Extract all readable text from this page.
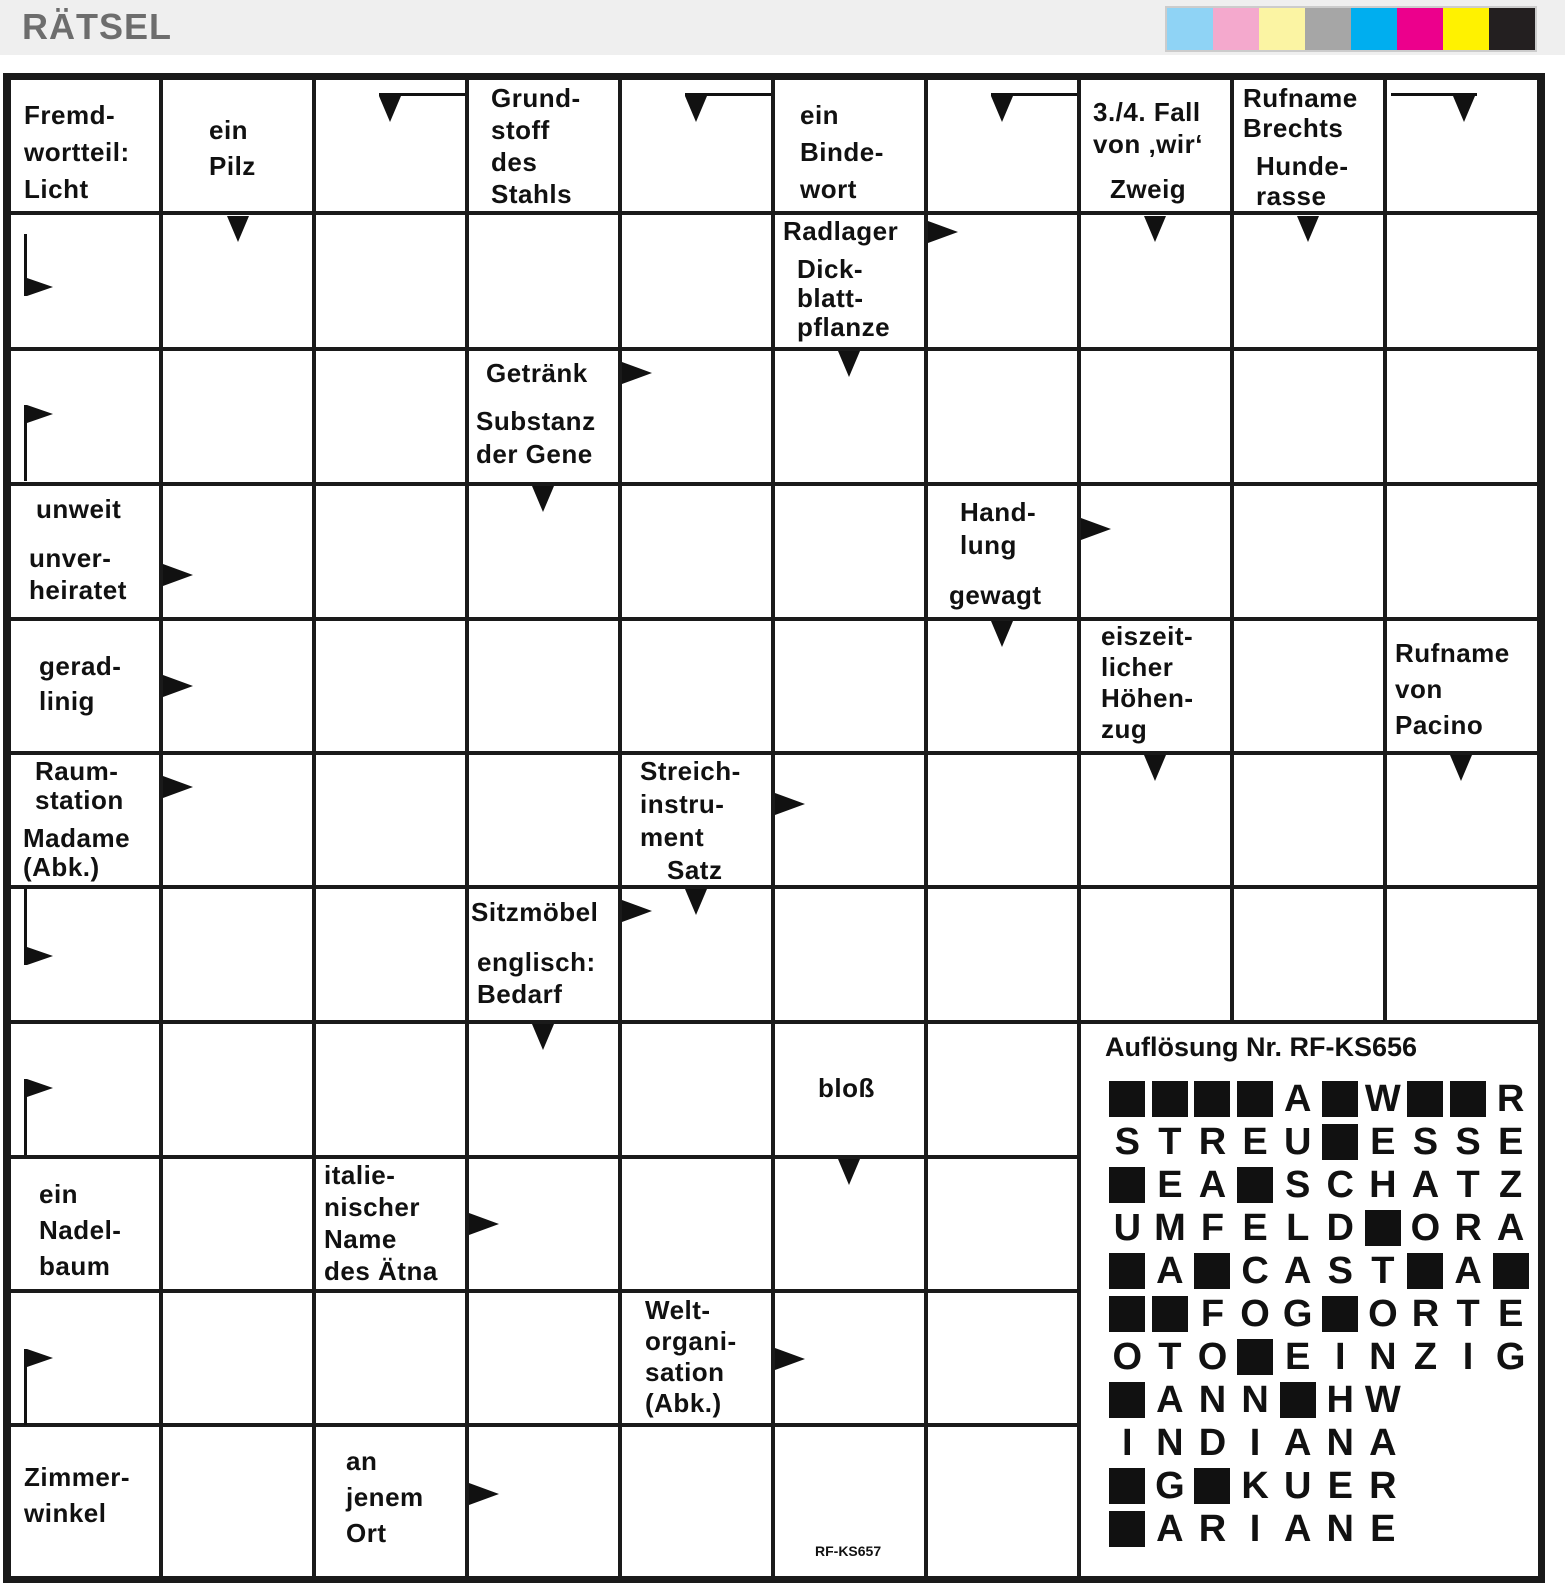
RÄTSEL
Fremd-
wortteil:
Licht
ein
Pilz
Grund-
stoff
des
Stahls
ein
Binde-
wort
3./4. Fall
von ‚wir‘
Zweig
Rufname
Brechts
Hunde-
rasse
Radlager
Dick-
blatt-
pflanze
Getränk
Substanz
der Gene
unweit
unver-
heiratet
Hand-
lung
gewagt
gerad-
linig
eiszeit-
licher
Höhen-
zug
Rufname
von
Pacino
Raum-
station
Madame
(Abk.)
Streich-
instru-
ment
Satz
Sitzmöbel
englisch:
Bedarf
bloß
ein
Nadel-
baum
italie-
nischer
Name
des Ätna
Welt-
organi-
sation
(Abk.)
Zimmer-
winkel
an
jenem
Ort
Auflösung Nr. RF-KS656
A W	R
S T R E U E S S E
E A S C H A T Z
U M F E L D O R A
A C A S T A
F O G O R T E
O T O E I N Z I G
A N N H W
I N D I A N A
G K U E R
A R I A N E
RF-KS657
